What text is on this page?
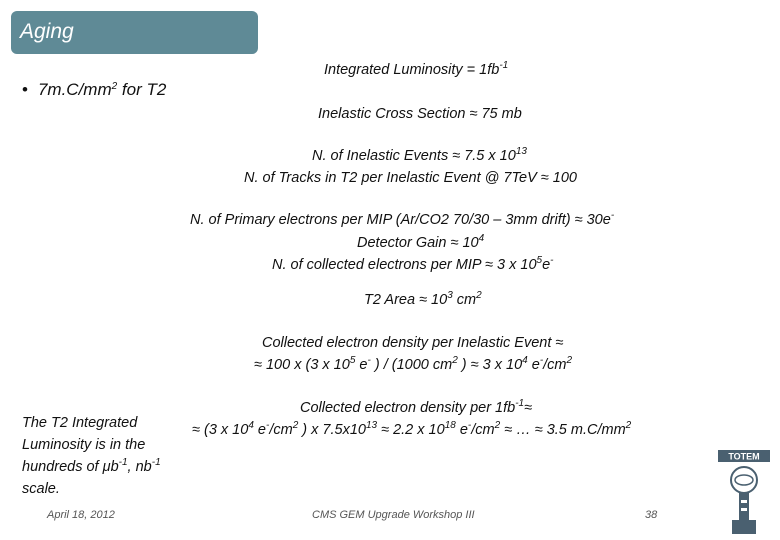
Aging
• $7m.C/mm^2$ for T2
Integrated Luminosity = $1fb^{-1}$
Inelastic Cross Section ≈ 75 mb
N. of Inelastic Events ≈ 7.5 x $10^{13}$
N. of Tracks in T2 per Inelastic Event @ 7TeV ≈ 100
N. of Primary electrons per MIP (Ar/CO2 70/30 – 3mm drift) ≈ 30e-
Detector Gain ≈ $10^4$
N. of collected electrons per MIP ≈ 3 x $10^5e^-$
T2 Area ≈ $10^3$ $cm^2$
Collected electron density per Inelastic Event ≈
≈ 100 x (3 x $10^5$ e- ) / (1000 $cm^2$ ) ≈ 3 x $10^4$ $e^-/cm^2$
Collected electron density per $1fb^{-1}\approx$
≈ (3 x $10^4$ $e^-/cm^2$ ) x $7.5x10^{13} \approx 2.2$ x $10^{18}$ $e^-/cm^2$ ≈ … ≈ 3.5 $m.C/mm^2$
The T2 Integrated Luminosity is in the hundreds of $\mu b^{-1}$, $nb^{-1}$ scale.
April 18, 2012	CMS GEM Upgrade Workshop III	38
TOTEM
